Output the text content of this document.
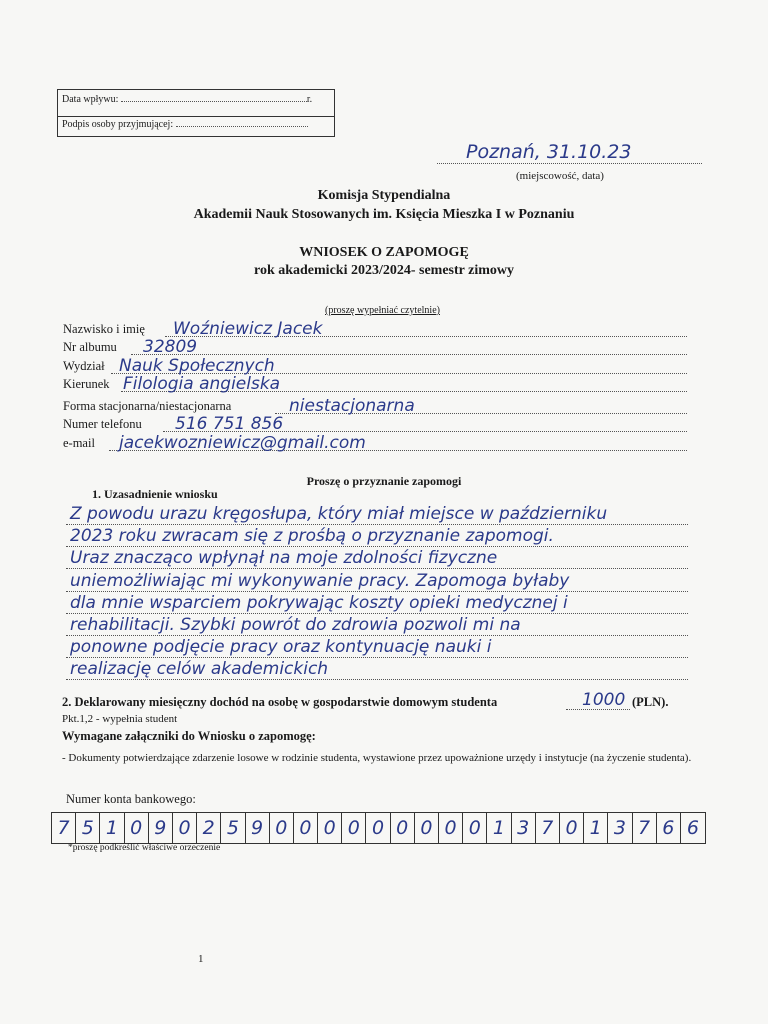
Data wpływu:	r.
Podpis osoby przyjmującej:
Poznań, 31.10.23
(miejscowość, data)
Komisja Stypendialna
Akademii Nauk Stosowanych im. Księcia Mieszka I w Poznaniu
WNIOSEK O ZAPOMOGĘ
rok akademicki 2023/2024- semestr zimowy
(proszę wypełniać czytelnie)
Nazwisko i imię Woźniewicz Jacek
Nr albumu 32809
Wydział Nauk Społecznych
Kierunek Filologia angielska
Forma stacjonarna/niestacjonarna	niestacjonarna
Numer telefonu 516 751 856
e-mail jacekwozniewicz@gmail.com
Proszę o przyznanie zapomogi
1. Uzasadnienie wniosku
Z powodu urazu kręgosłupa, który miał miejsce w październiku
2023 roku zwracam się z prośbą o przyznanie zapomogi.
Uraz znacząco wpłynął na moje zdolności fizyczne
uniemożliwiając mi wykonywanie pracy. Zapomoga byłaby
dla mnie wsparciem pokrywając koszty opieki medycznej i
rehabilitacji. Szybki powrót do zdrowia pozwoli mi na
ponowne podjęcie pracy oraz kontynuację nauki i
realizację celów akademickich
2. Deklarowany miesięczny dochód na osobę w gospodarstwie domowym studenta	1000 (PLN).
Pkt.1,2 - wypełnia student
Wymagane załączniki do Wniosku o zapomogę:
- Dokumenty potwierdzające zdarzenie losowe w rodzinie studenta, wystawione przez upoważnione urzędy i instytucje (na życzenie studenta).
Numer konta bankowego:
7 5 1 0 9 0 2 5 9 0 0 0 0 0 0 0 0 0 1 3 7 0 1 3 7 6 6
*proszę podkreślić właściwe orzeczenie
1
